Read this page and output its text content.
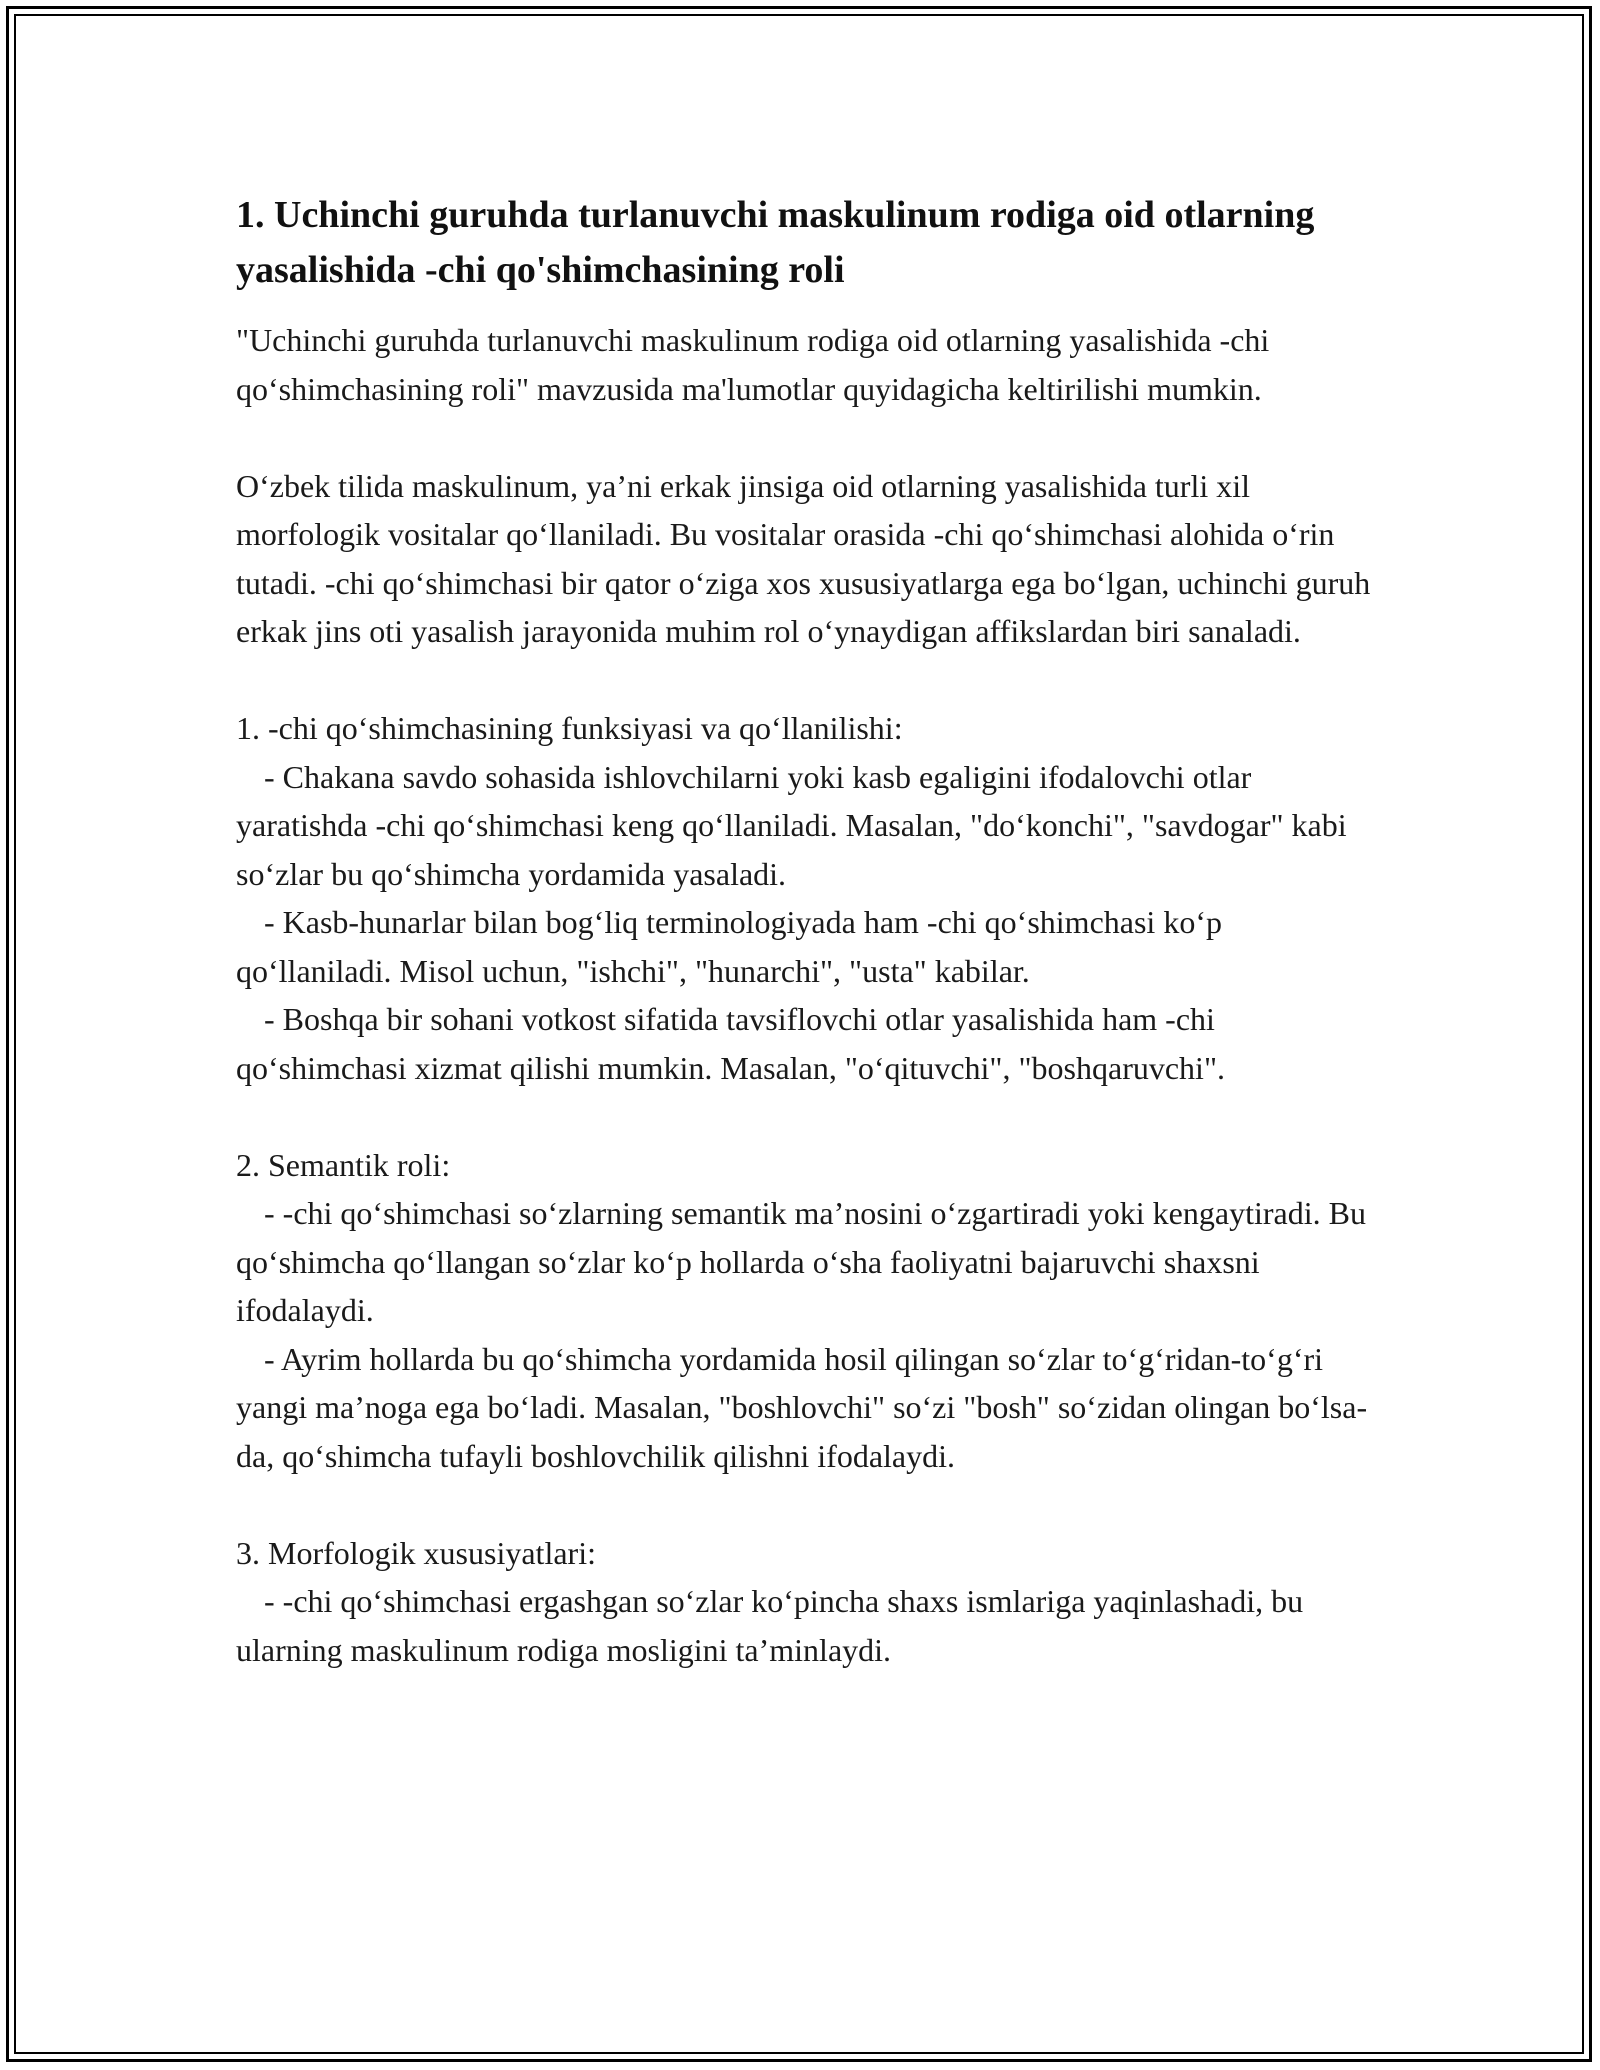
1. Uchinchi guruhda turlanuvchi maskulinum rodiga oid otlarning yasalishida -chi qo'shimchasining roli

"Uchinchi guruhda turlanuvchi maskulinum rodiga oid otlarning yasalishida -chi qo‘shimchasining roli" mavzusida ma'lumotlar quyidagicha keltirilishi mumkin.

O‘zbek tilida maskulinum, ya’ni erkak jinsiga oid otlarning yasalishida turli xil morfologik vositalar qo‘llaniladi. Bu vositalar orasida -chi qo‘shimchasi alohida o‘rin tutadi. -chi qo‘shimchasi bir qator o‘ziga xos xususiyatlarga ega bo‘lgan, uchinchi guruh erkak jins oti yasalish jarayonida muhim rol o‘ynaydigan affikslardan biri sanaladi.

1. -chi qo‘shimchasining funksiyasi va qo‘llanilishi:

- Chakana savdo sohasida ishlovchilarni yoki kasb egaligini ifodalovchi otlar yaratishda -chi qo‘shimchasi keng qo‘llaniladi. Masalan, "do‘konchi", "savdogar" kabi so‘zlar bu qo‘shimcha yordamida yasaladi.

- Kasb-hunarlar bilan bog‘liq terminologiyada ham -chi qo‘shimchasi ko‘p qo‘llaniladi. Misol uchun, "ishchi", "hunarchi", "usta" kabilar.

- Boshqa bir sohani votkost sifatida tavsiflovchi otlar yasalishida ham -chi qo‘shimchasi xizmat qilishi mumkin. Masalan, "o‘qituvchi", "boshqaruvchi".

2. Semantik roli:

- -chi qo‘shimchasi so‘zlarning semantik ma’nosini o‘zgartiradi yoki kengaytiradi. Bu qo‘shimcha qo‘llangan so‘zlar ko‘p hollarda o‘sha faoliyatni bajaruvchi shaxsni ifodalaydi.

- Ayrim hollarda bu qo‘shimcha yordamida hosil qilingan so‘zlar to‘g‘ridan-to‘g‘ri yangi ma’noga ega bo‘ladi. Masalan, "boshlovchi" so‘zi "bosh" so‘zidan olingan bo‘lsa-da, qo‘shimcha tufayli boshlovchilik qilishni ifodalaydi.

3. Morfologik xususiyatlari:

- -chi qo‘shimchasi ergashgan so‘zlar ko‘pincha shaxs ismlariga yaqinlashadi, bu ularning maskulinum rodiga mosligini ta’minlaydi.
